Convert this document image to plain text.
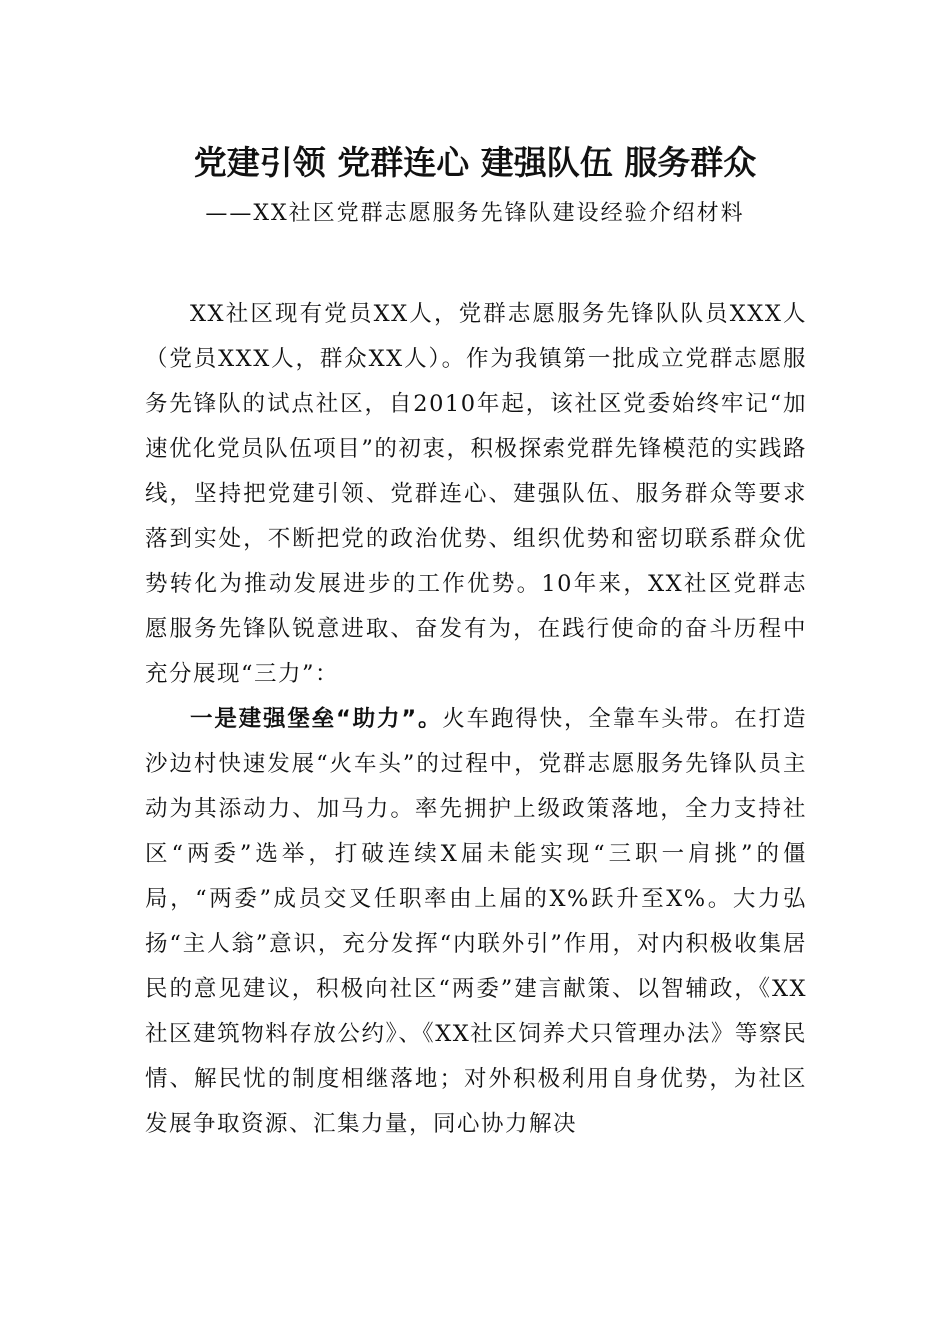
党建引领 党群连心 建强队伍 服务群众

——XX社区党群志愿服务先锋队建设经验介绍材料

XX社区现有党员XX人，党群志愿服务先锋队队员XXX人（党员XXX人，群众XX人）。作为我镇第一批成立党群志愿服务先锋队的试点社区，自2010年起，该社区党委始终牢记“加速优化党员队伍项目”的初衷，积极探索党群先锋模范的实践路线，坚持把党建引领、党群连心、建强队伍、服务群众等要求落到实处，不断把党的政治优势、组织优势和密切联系群众优势转化为推动发展进步的工作优势。10年来，XX社区党群志愿服务先锋队锐意进取、奋发有为，在践行使命的奋斗历程中充分展现“三力”：

一是建强堡垒“助力”。火车跑得快，全靠车头带。在打造沙边村快速发展“火车头”的过程中，党群志愿服务先锋队员主动为其添动力、加马力。率先拥护上级政策落地，全力支持社区“两委”选举，打破连续X届未能实现“三职一肩挑”的僵局，“两委”成员交叉任职率由上届的X%跃升至X%。大力弘扬“主人翁”意识，充分发挥“内联外引”作用，对内积极收集居民的意见建议，积极向社区“两委”建言献策、以智辅政，《XX社区建筑物料存放公约》、《XX社区饲养犬只管理办法》等察民情、解民忧的制度相继落地；对外积极利用自身优势，为社区发展争取资源、汇集力量，同心协力解决
